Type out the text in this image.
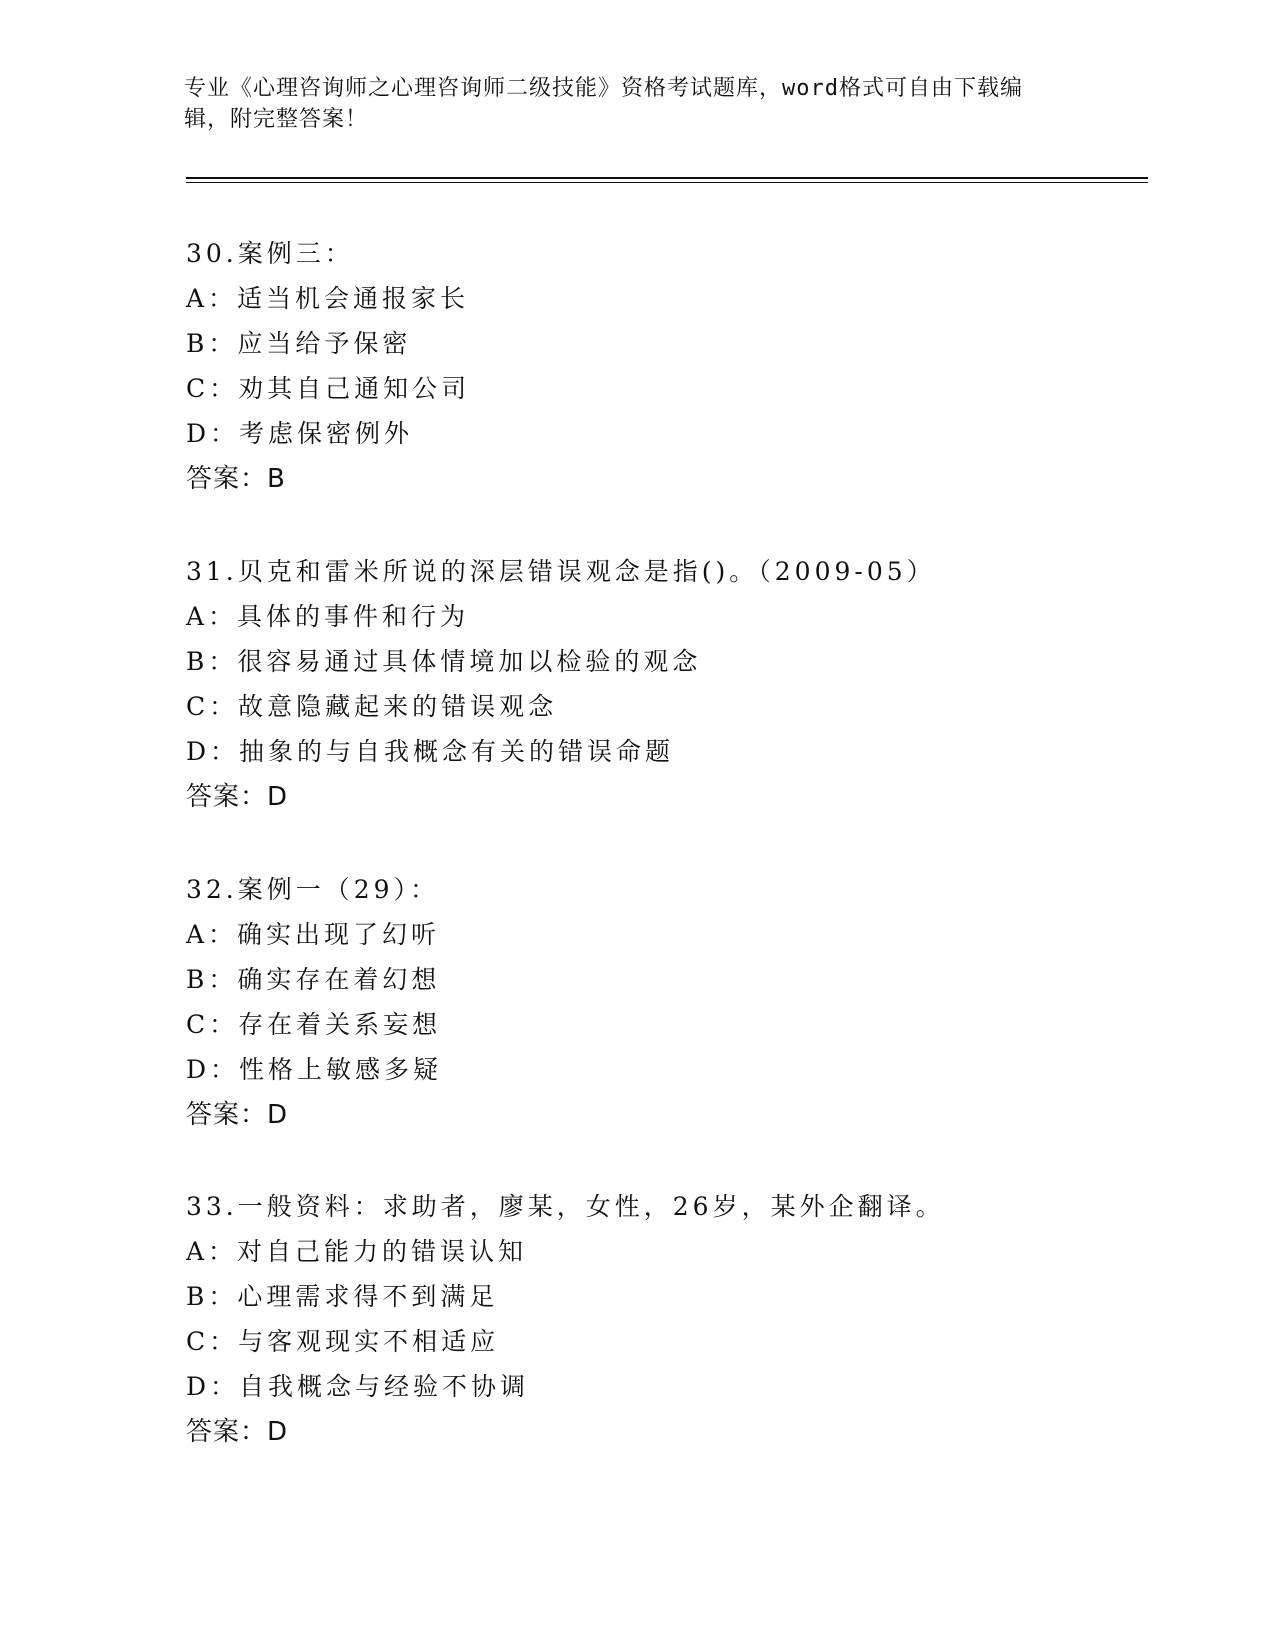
专业《心理咨询师之心理咨询师二级技能》资格考试题库，word格式可自由下载编辑，附完整答案！
30.案例三：
A：适当机会通报家长
B：应当给予保密
C：劝其自己通知公司
D：考虑保密例外
答案：B
31.贝克和雷米所说的深层错误观念是指()。（2009-05）
A：具体的事件和行为
B：很容易通过具体情境加以检验的观念
C：故意隐藏起来的错误观念
D：抽象的与自我概念有关的错误命题
答案：D
32.案例一（29）：
A：确实出现了幻听
B：确实存在着幻想
C：存在着关系妄想
D：性格上敏感多疑
答案：D
33.一般资料：求助者，廖某，女性，26岁，某外企翻译。
A：对自己能力的错误认知
B：心理需求得不到满足
C：与客观现实不相适应
D：自我概念与经验不协调
答案：D
